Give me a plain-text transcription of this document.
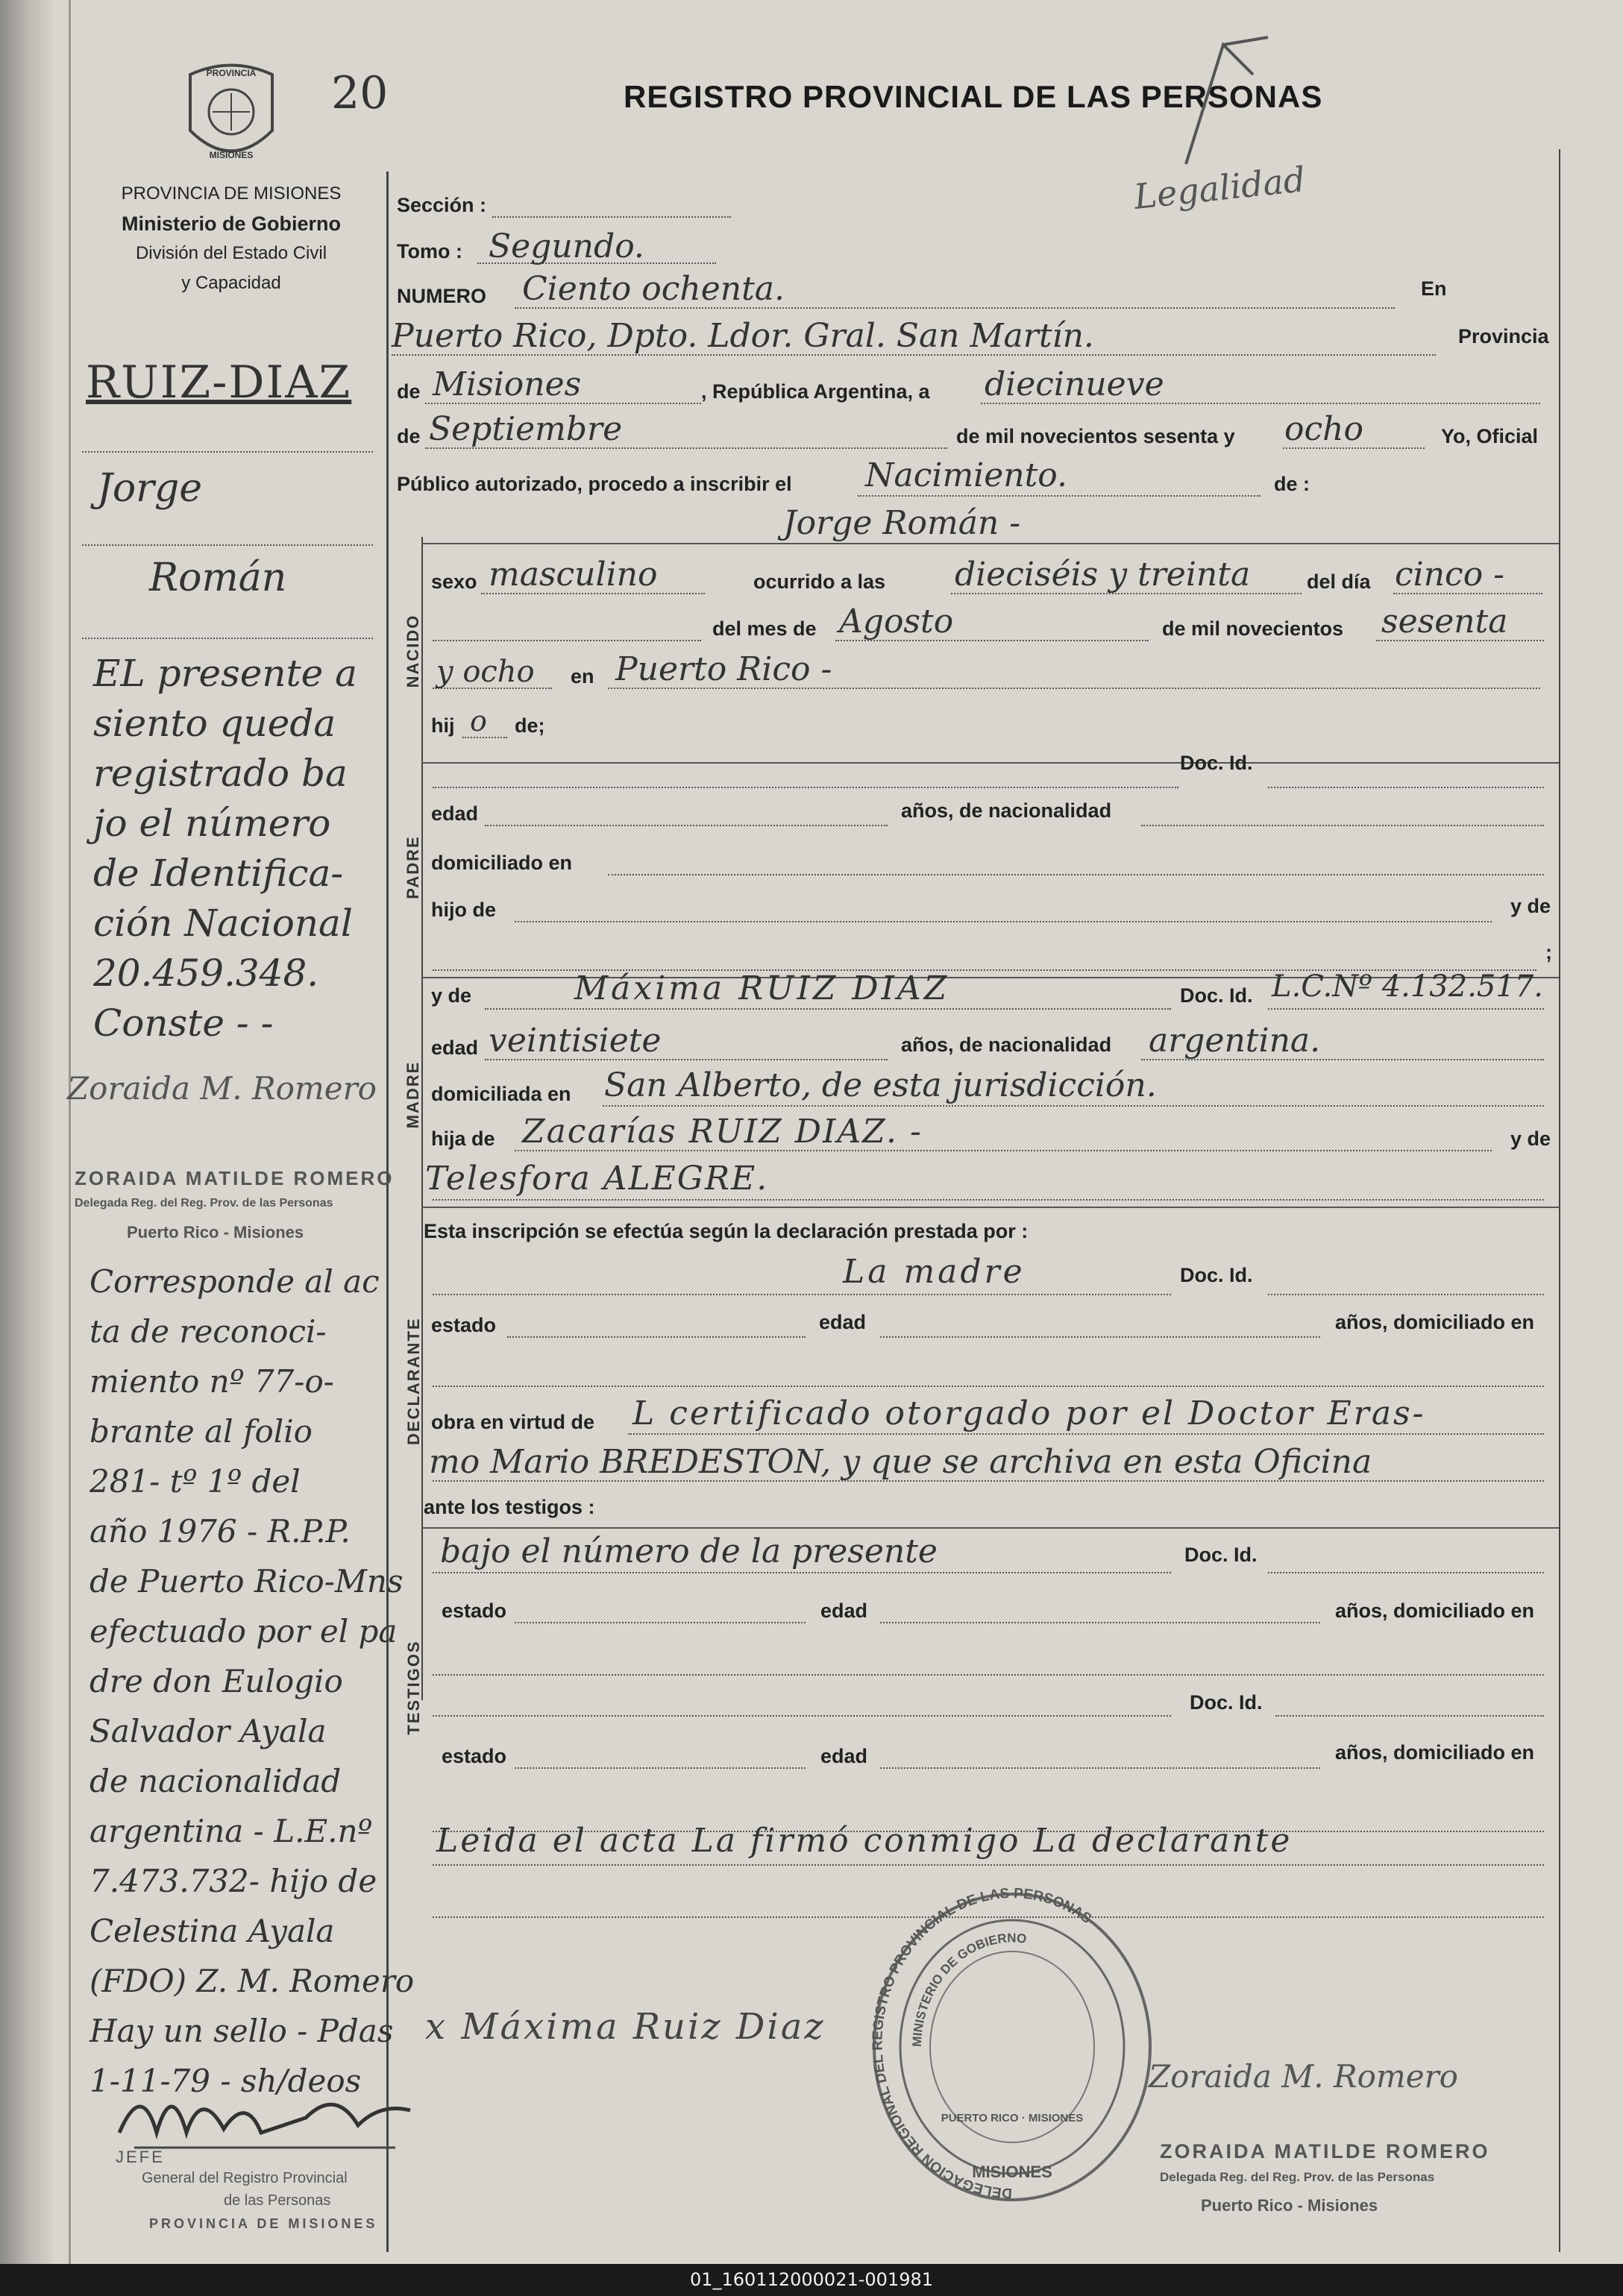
PROVINCIA
MISIONES
20	REGISTRO PROVINCIAL DE LAS PERSONAS
Legalidad
PROVINCIA DE MISIONES
Ministerio de Gobierno
División del Estado Civil
y Capacidad
RUIZ-DIAZ
Jorge
Román
EL presente a
siento queda
registrado ba
jo el número
de Identifica-
ción Nacional
20.459.348.
Conste - -
Zoraida M. Romero
ZORAIDA MATILDE ROMERO
Delegada Reg. del Reg. Prov. de las Personas
Puerto Rico - Misiones
Corresponde al ac
ta de reconoci-
miento nº 77-o-
brante al folio
281- tº 1º del
año 1976 - R.P.P.
de Puerto Rico-Mns
efectuado por el pa
dre don Eulogio
Salvador Ayala
de nacionalidad
argentina - L.E.nº
7.473.732- hijo de
Celestina Ayala
(FDO) Z. M. Romero
Hay un sello - Pdas
1-11-79 - sh/deos
JEFE
General del Registro Provincial
de las Personas
PROVINCIA DE MISIONES
Sección :
Tomo : Segundo.
NUMERO Ciento ochenta.	En
Puerto Rico, Dpto. Ldor. Gral. San Martín.	Provincia
de Misiones	, República Argentina, a diecinueve
de Septiembre	de mil novecientos sesenta y ocho	Yo, Oficial
Público autorizado, procedo a inscribir el Nacimiento.	de :
Jorge Román -
NACIDO
sexo masculino	ocurrido a las dieciséis y treinta	del día cinco -
del mes de Agosto	de mil novecientos sesenta
y ocho en Puerto Rico -
hij o de;
PADRE
Doc. Id.
edad	años, de nacionalidad
domiciliado en
hijo de	y de
;
MADRE
y de	Máxima RUIZ DIAZ	Doc. Id. L.C.Nº 4.132.517.
edad veintisiete	años, de nacionalidad argentina.
domiciliada en San Alberto, de esta jurisdicción.
hija de Zacarías RUIZ DIAZ. -	y de
Telesfora ALEGRE.
Esta inscripción se efectúa según la declaración prestada por :
DECLARANTE
La madre	Doc. Id.
estado	edad	años, domiciliado en
obra en virtud de L certificado otorgado por el Doctor Eras-
mo Mario BREDESTON, y que se archiva en esta Oficina
ante los testigos :
TESTIGOS
bajo el número de la presente	Doc. Id.
estado	edad	años, domiciliado en
Doc. Id.
estado	edad	años, domiciliado en
Leida el acta La firmó conmigo La declarante
x Máxima Ruiz Diaz
Zoraida M. Romero
DELEGACION REGIONAL DEL REGISTRO PROVINCIAL DE LAS PERSONAS
MINISTERIO DE GOBIERNO
PUERTO RICO · MISIONES
MISIONES
ZORAIDA MATILDE ROMERO
Delegada Reg. del Reg. Prov. de las Personas
Puerto Rico - Misiones
01_160112000021-001981
